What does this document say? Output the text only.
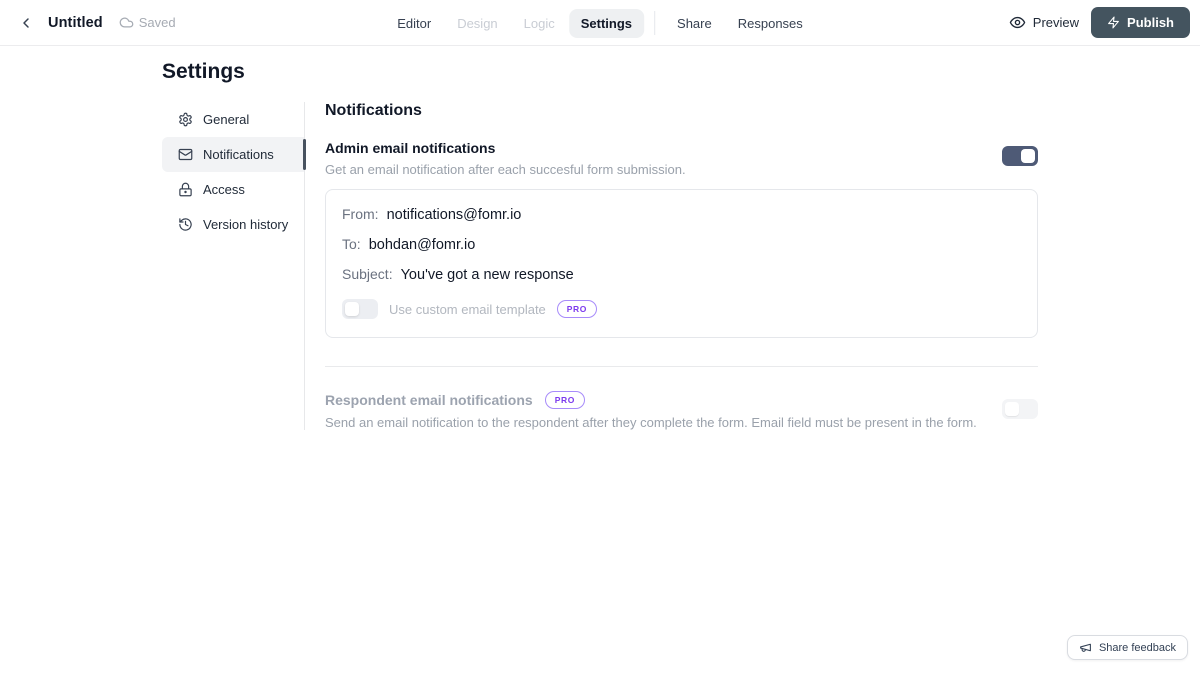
Untitled	Saved	Editor	Design	Logic	Settings	Share	Responses	Preview	Publish
Settings
General
Notifications
Access
Version history
Notifications
Admin email notifications
Get an email notification after each succesful form submission.
From: notifications@fomr.io
To: bohdan@fomr.io
Subject: You've got a new response
Use custom email template	PRO
Respondent email notifications	PRO
Send an email notification to the respondent after they complete the form. Email field must be present in the form.
Share feedback
